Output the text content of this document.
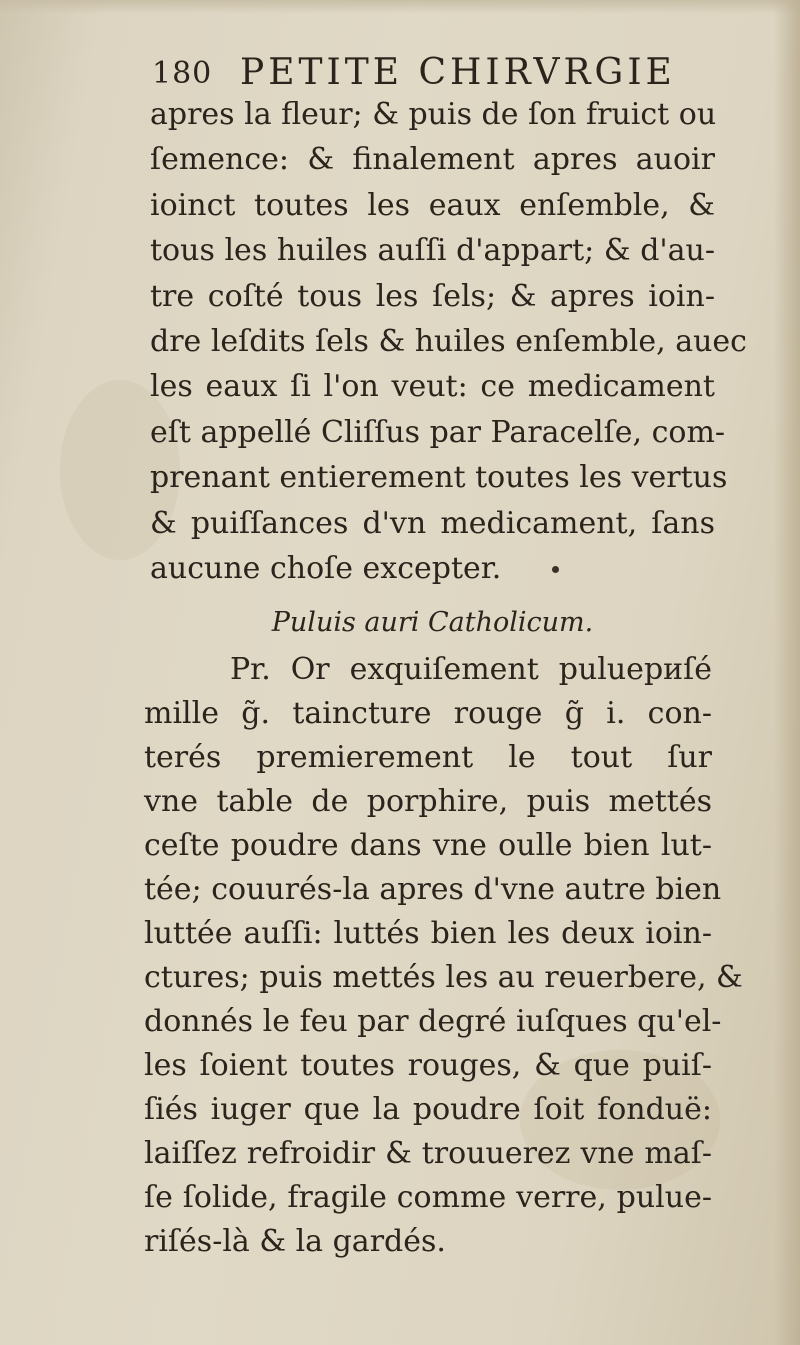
180 PETITE CHIRVRGIE
apres la fleur; & puis de ſon fruict ou
ſemence: & finalement apres auoir
ioinct toutes les eaux enſemble, &
tous les huiles auſſi d'appart; & d'au-
tre coſté tous les ſels; & apres ioin-
dre leſdits ſels & huiles enſemble, auec
les eaux ſi l'on veut: ce medicament
eſt appellé Cliſſus par Paracelſe, com-
prenant entierement toutes les vertus
& puiſſances d'vn medicament, ſans
aucune choſe excepter.
Puluis auri Catholicum.
Pr. Or exquiſement puluериſé
mille g̃. taincture rouge g̃ i. con-
terés premierement le tout ſur
vne table de porphire, puis mettés
ceſte poudre dans vne oulle bien lut-
tée; couurés-la apres d'vne autre bien
luttée auſſi: luttés bien les deux ioin-
ctures; puis mettés les au reuerbere, &
donnés le feu par degré iuſques qu'el-
les ſoient toutes rouges, & que puiſ-
ſiés iuger que la poudre ſoit fonduë:
laiſſez refroidir & trouuerez vne maſ-
ſe ſolide, fragile comme verre, pulue-
riſés-là & la gardés.
